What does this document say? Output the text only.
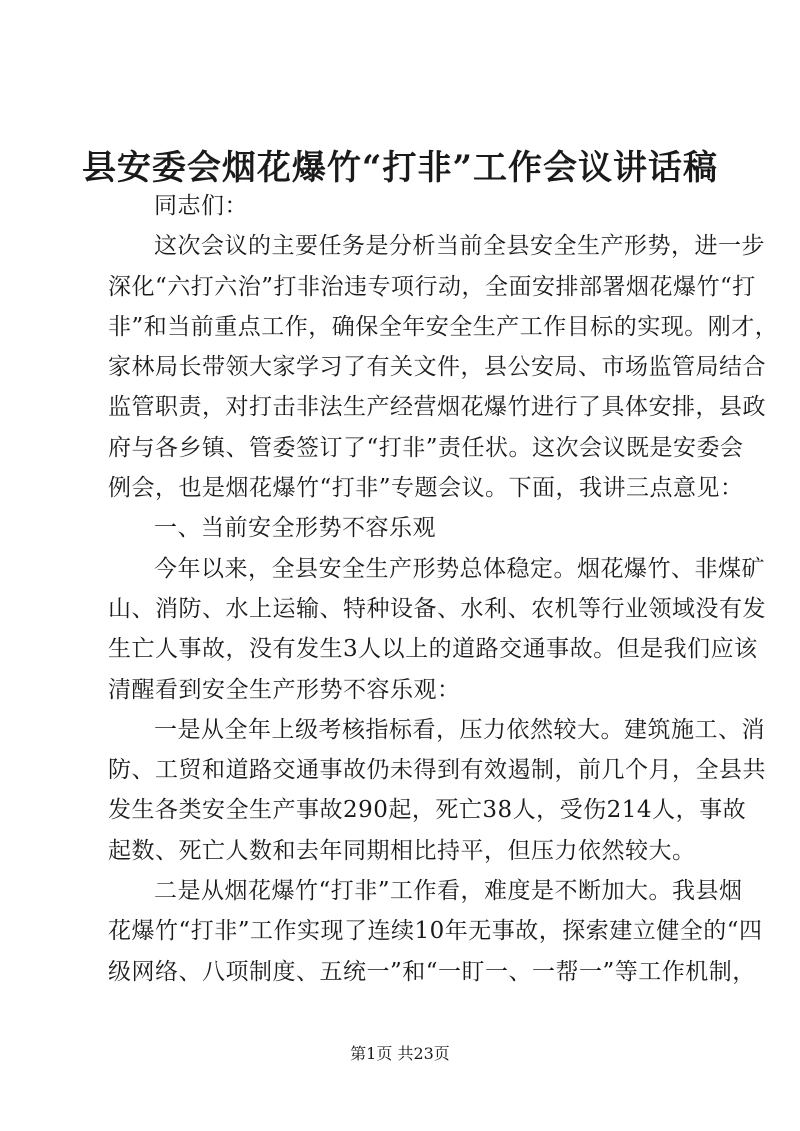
县安委会烟花爆竹“打非”工作会议讲话稿
同志们：
这次会议的主要任务是分析当前全县安全生产形势，进一步
深化“六打六治”打非治违专项行动，全面安排部署烟花爆竹“打
非”和当前重点工作，确保全年安全生产工作目标的实现。刚才，
家林局长带领大家学习了有关文件，县公安局、市场监管局结合
监管职责，对打击非法生产经营烟花爆竹进行了具体安排，县政
府与各乡镇、管委签订了“打非”责任状。这次会议既是安委会
例会，也是烟花爆竹“打非”专题会议。下面，我讲三点意见：
一、当前安全形势不容乐观
今年以来，全县安全生产形势总体稳定。烟花爆竹、非煤矿
山、消防、水上运输、特种设备、水利、农机等行业领域没有发
生亡人事故，没有发生3人以上的道路交通事故。但是我们应该
清醒看到安全生产形势不容乐观：
一是从全年上级考核指标看，压力依然较大。建筑施工、消
防、工贸和道路交通事故仍未得到有效遏制，前几个月，全县共
发生各类安全生产事故290起，死亡38人，受伤214人，事故
起数、死亡人数和去年同期相比持平，但压力依然较大。
二是从烟花爆竹“打非”工作看，难度是不断加大。我县烟
花爆竹“打非”工作实现了连续10年无事故，探索建立健全的“四
级网络、八项制度、五统一”和“一盯一、一帮一”等工作机制，
第1页 共23页
